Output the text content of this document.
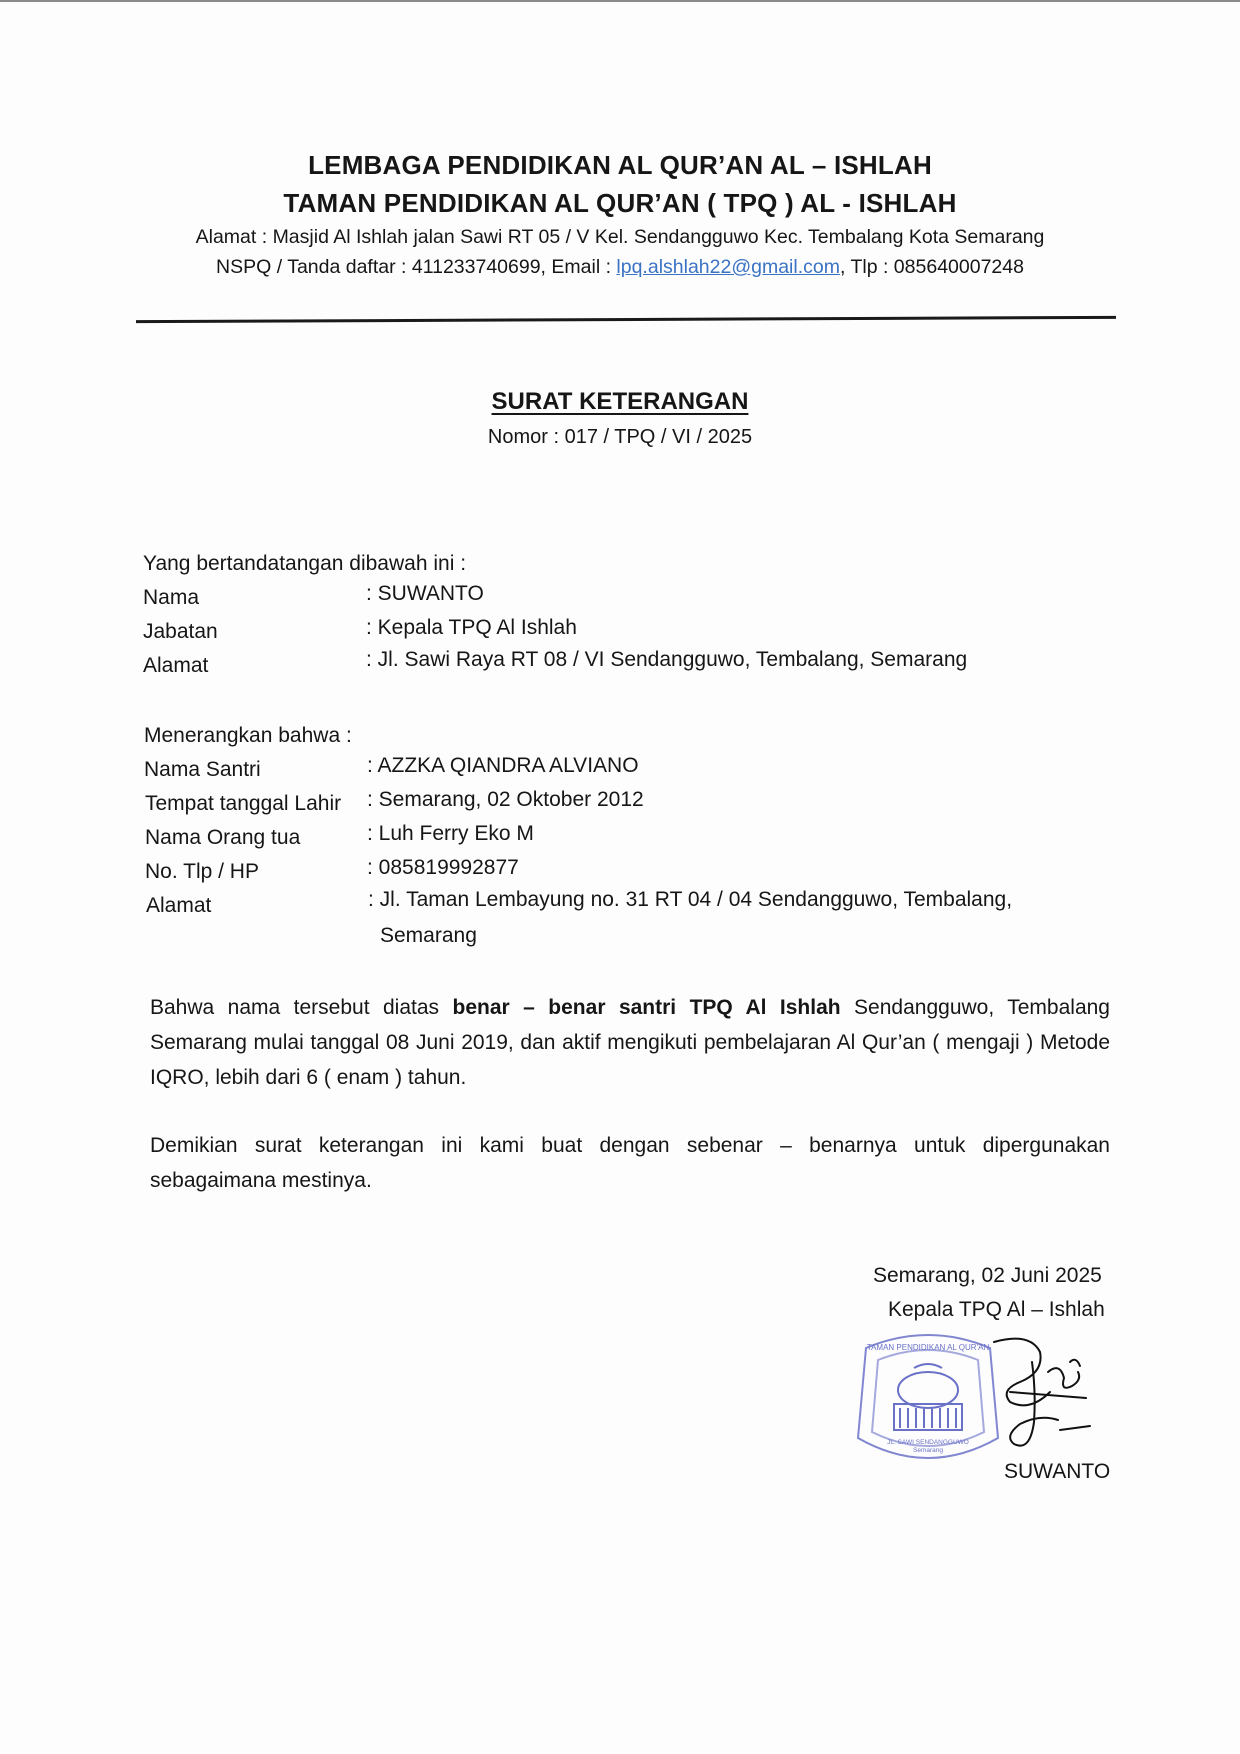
LEMBAGA PENDIDIKAN AL QUR’AN AL – ISHLAH
TAMAN PENDIDIKAN AL QUR’AN ( TPQ ) AL - ISHLAH
Alamat : Masjid Al Ishlah jalan Sawi RT 05 / V Kel. Sendangguwo Kec. Tembalang Kota Semarang
NSPQ / Tanda daftar : 411233740699, Email : lpq.alshlah22@gmail.com, Tlp : 085640007248
SURAT KETERANGAN
Nomor : 017 / TPQ / VI / 2025
Yang bertandatangan dibawah ini :
Nama	: SUWANTO
Jabatan	: Kepala TPQ Al Ishlah
Alamat	: Jl. Sawi Raya RT 08 / VI Sendangguwo, Tembalang, Semarang
Menerangkan bahwa :
Nama Santri	: AZZKA QIANDRA ALVIANO
Tempat tanggal Lahir : Semarang, 02 Oktober 2012
Nama Orang tua	: Luh Ferry Eko M
No. Tlp / HP	: 085819992877
Alamat	: Jl. Taman Lembayung no. 31 RT 04 / 04 Sendangguwo, Tembalang,
Semarang
Bahwa nama tersebut diatas benar – benar santri TPQ Al Ishlah Sendangguwo, Tembalang Semarang mulai tanggal 08 Juni 2019, dan aktif mengikuti pembelajaran Al Qur’an ( mengaji ) Metode IQRO, lebih dari 6 ( enam ) tahun.
Demikian surat keterangan ini kami buat dengan sebenar – benarnya untuk dipergunakan sebagaimana mestinya.
Semarang, 02 Juni 2025
Kepala TPQ Al – Ishlah
TAMAN PENDIDIKAN AL QUR'AN
JL. SAWI SENDANGGUWO
Semarang
SUWANTO
